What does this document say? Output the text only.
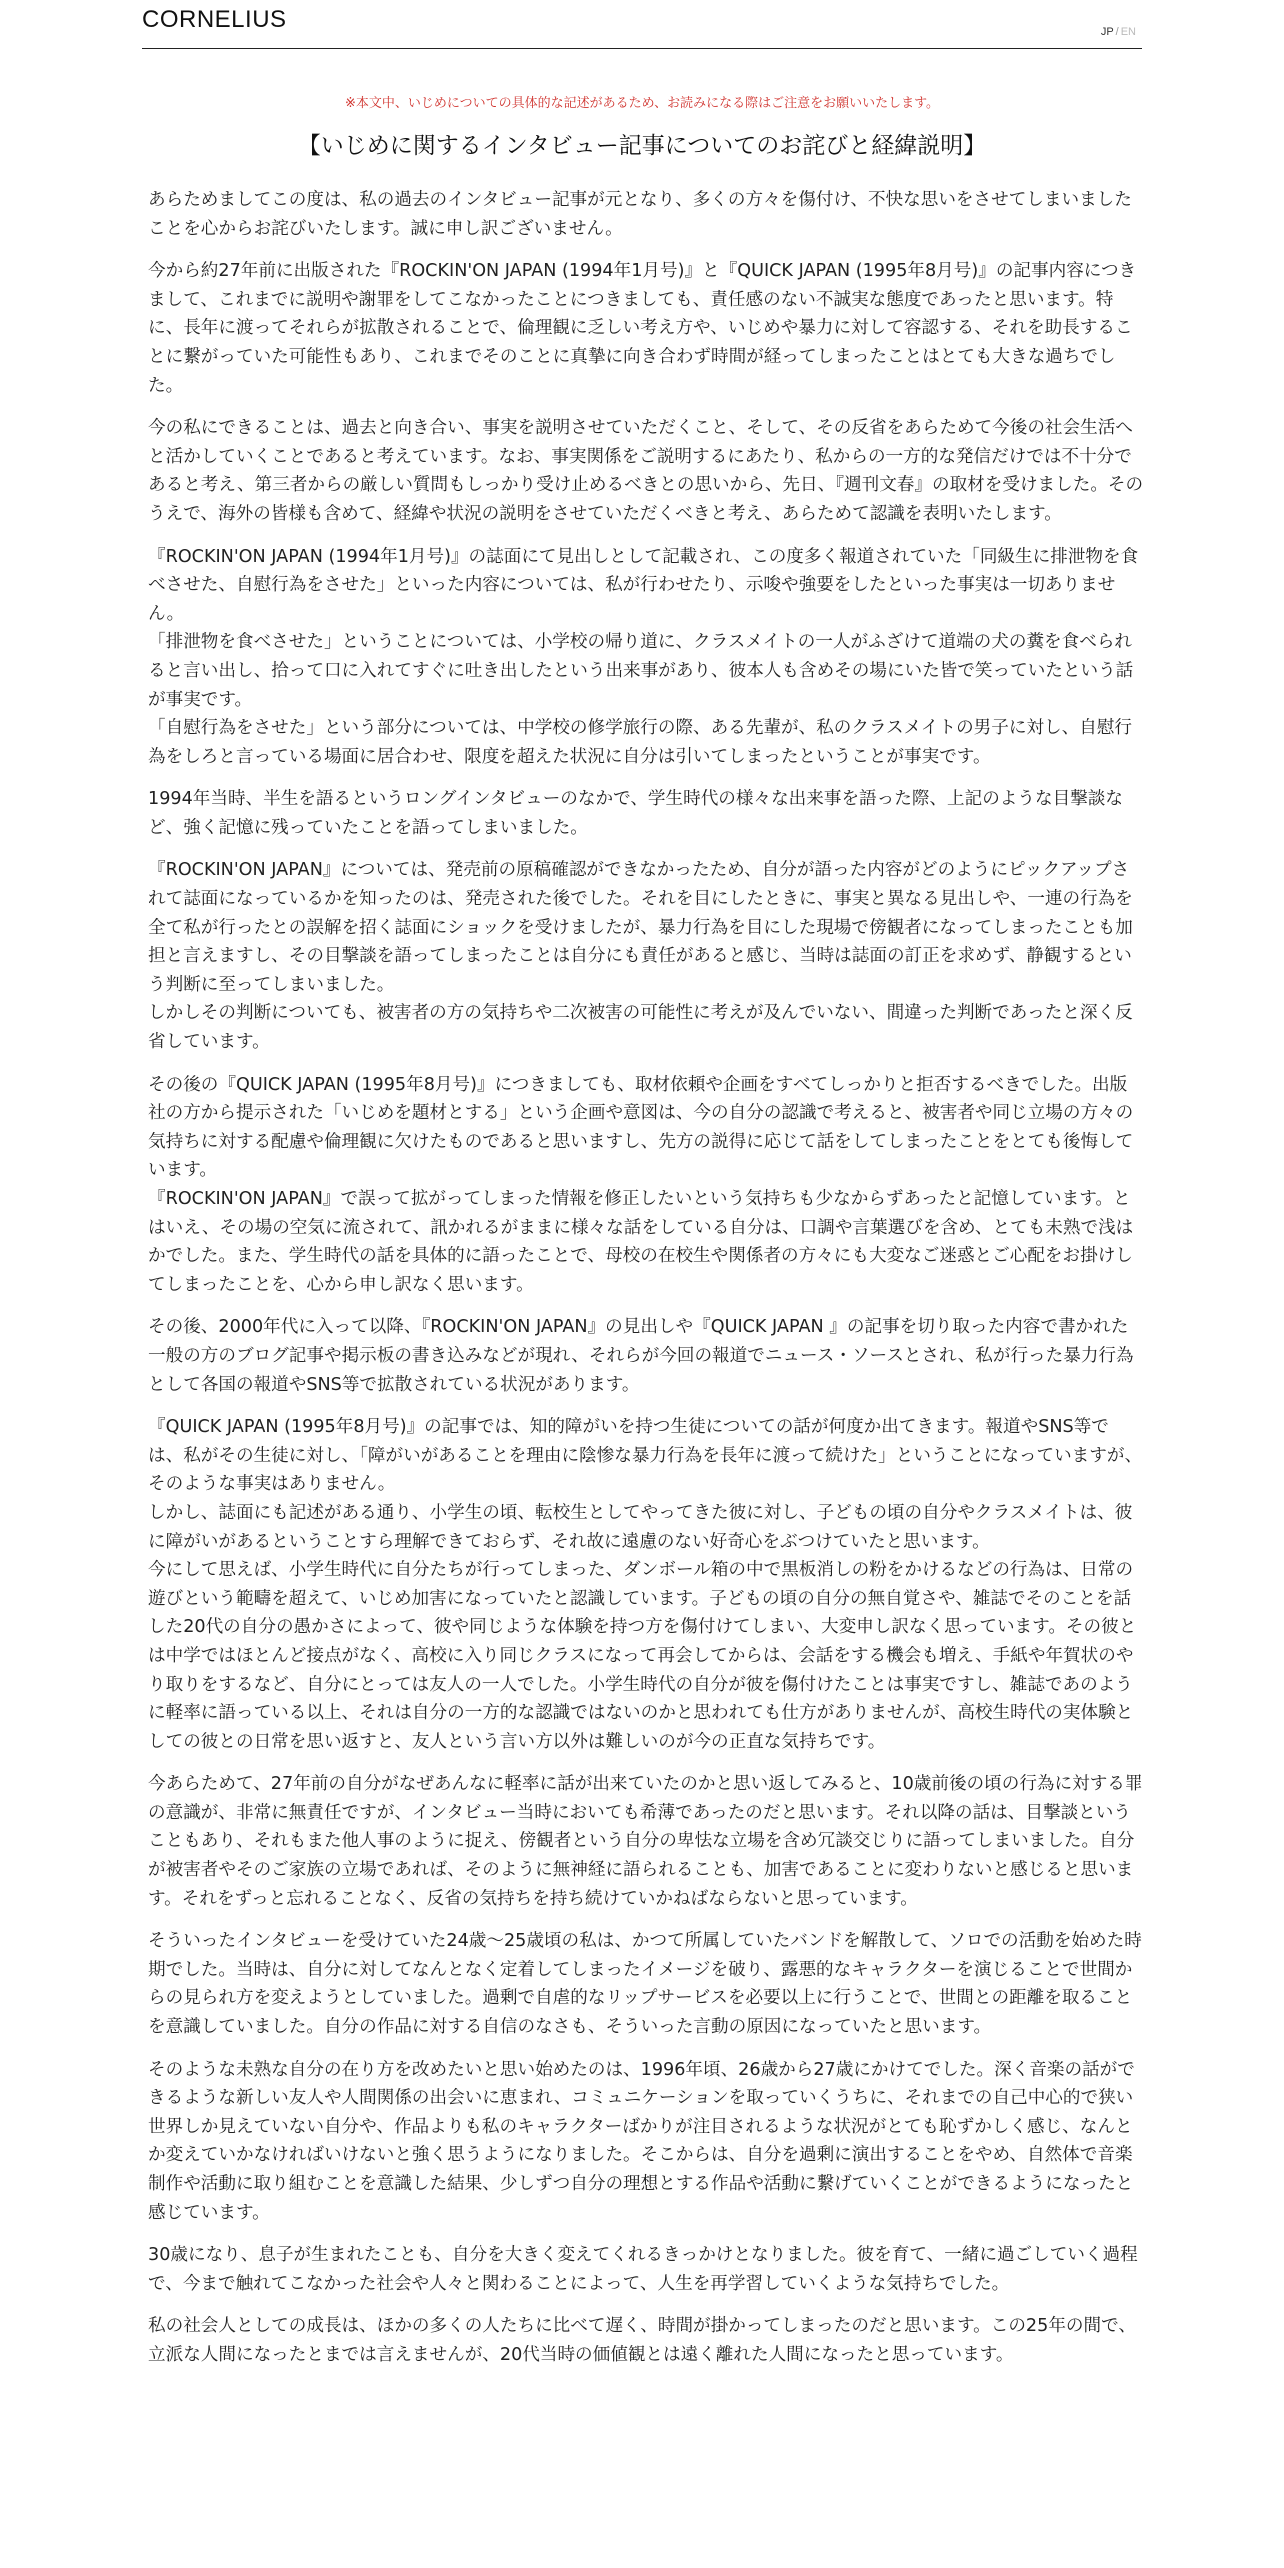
CORNELIUS	JP / EN
※本文中、いじめについての具体的な記述があるため、お読みになる際はご注意をお願いいたします。
【いじめに関するインタビュー記事についてのお詫びと経緯説明】

あらためましてこの度は、私の過去のインタビュー記事が元となり、多くの方々を傷付け、不快な思いをさせてしまいましたことを心からお詫びいたします。誠に申し訳ございません。

今から約27年前に出版された『ROCKIN'ON JAPAN (1994年1月号)』と『QUICK JAPAN (1995年8月号)』の記事内容につきまして、これまでに説明や謝罪をしてこなかったことにつきましても、責任感のない不誠実な態度であったと思います。特に、長年に渡ってそれらが拡散されることで、倫理観に乏しい考え方や、いじめや暴力に対して容認する、それを助長することに繋がっていた可能性もあり、これまでそのことに真摯に向き合わず時間が経ってしまったことはとても大きな過ちでした。

今の私にできることは、過去と向き合い、事実を説明させていただくこと、そして、その反省をあらためて今後の社会生活へと活かしていくことであると考えています。なお、事実関係をご説明するにあたり、私からの一方的な発信だけでは不十分であると考え、第三者からの厳しい質問もしっかり受け止めるべきとの思いから、先日、『週刊文春』の取材を受けました。そのうえで、海外の皆様も含めて、経緯や状況の説明をさせていただくべきと考え、あらためて認識を表明いたします。

『ROCKIN'ON JAPAN (1994年1月号)』の誌面にて見出しとして記載され、この度多く報道されていた「同級生に排泄物を食べさせた、自慰行為をさせた」といった内容については、私が行わせたり、示唆や強要をしたといった事実は一切ありません。
「排泄物を食べさせた」ということについては、小学校の帰り道に、クラスメイトの一人がふざけて道端の犬の糞を食べられると言い出し、拾って口に入れてすぐに吐き出したという出来事があり、彼本人も含めその場にいた皆で笑っていたという話が事実です。
「自慰行為をさせた」という部分については、中学校の修学旅行の際、ある先輩が、私のクラスメイトの男子に対し、自慰行為をしろと言っている場面に居合わせ、限度を超えた状況に自分は引いてしまったということが事実です。

1994年当時、半生を語るというロングインタビューのなかで、学生時代の様々な出来事を語った際、上記のような目撃談など、強く記憶に残っていたことを語ってしまいました。

『ROCKIN'ON JAPAN』については、発売前の原稿確認ができなかったため、自分が語った内容がどのようにピックアップされて誌面になっているかを知ったのは、発売された後でした。それを目にしたときに、事実と異なる見出しや、一連の行為を全て私が行ったとの誤解を招く誌面にショックを受けましたが、暴力行為を目にした現場で傍観者になってしまったことも加担と言えますし、その目撃談を語ってしまったことは自分にも責任があると感じ、当時は誌面の訂正を求めず、静観するという判断に至ってしまいました。
しかしその判断についても、被害者の方の気持ちや二次被害の可能性に考えが及んでいない、間違った判断であったと深く反省しています。

その後の『QUICK JAPAN (1995年8月号)』につきましても、取材依頼や企画をすべてしっかりと拒否するべきでした。出版社の方から提示された「いじめを題材とする」という企画や意図は、今の自分の認識で考えると、被害者や同じ立場の方々の気持ちに対する配慮や倫理観に欠けたものであると思いますし、先方の説得に応じて話をしてしまったことをとても後悔しています。
『ROCKIN'ON JAPAN』で誤って拡がってしまった情報を修正したいという気持ちも少なからずあったと記憶しています。とはいえ、その場の空気に流されて、訊かれるがままに様々な話をしている自分は、口調や言葉選びを含め、とても未熟で浅はかでした。また、学生時代の話を具体的に語ったことで、母校の在校生や関係者の方々にも大変なご迷惑とご心配をお掛けしてしまったことを、心から申し訳なく思います。

その後、2000年代に入って以降、『ROCKIN'ON JAPAN』の見出しや『QUICK JAPAN 』の記事を切り取った内容で書かれた一般の方のブログ記事や掲示板の書き込みなどが現れ、それらが今回の報道でニュース・ソースとされ、私が行った暴力行為として各国の報道やSNS等で拡散されている状況があります。

『QUICK JAPAN (1995年8月号)』の記事では、知的障がいを持つ生徒についての話が何度か出てきます。報道やSNS等では、私がその生徒に対し、「障がいがあることを理由に陰惨な暴力行為を長年に渡って続けた」ということになっていますが、そのような事実はありません。
しかし、誌面にも記述がある通り、小学生の頃、転校生としてやってきた彼に対し、子どもの頃の自分やクラスメイトは、彼に障がいがあるということすら理解できておらず、それ故に遠慮のない好奇心をぶつけていたと思います。
今にして思えば、小学生時代に自分たちが行ってしまった、ダンボール箱の中で黒板消しの粉をかけるなどの行為は、日常の遊びという範疇を超えて、いじめ加害になっていたと認識しています。子どもの頃の自分の無自覚さや、雑誌でそのことを話した20代の自分の愚かさによって、彼や同じような体験を持つ方を傷付けてしまい、大変申し訳なく思っています。その彼とは中学ではほとんど接点がなく、高校に入り同じクラスになって再会してからは、会話をする機会も増え、手紙や年賀状のやり取りをするなど、自分にとっては友人の一人でした。小学生時代の自分が彼を傷付けたことは事実ですし、雑誌であのように軽率に語っている以上、それは自分の一方的な認識ではないのかと思われても仕方がありませんが、高校生時代の実体験としての彼との日常を思い返すと、友人という言い方以外は難しいのが今の正直な気持ちです。

今あらためて、27年前の自分がなぜあんなに軽率に話が出来ていたのかと思い返してみると、10歳前後の頃の行為に対する罪の意識が、非常に無責任ですが、インタビュー当時においても希薄であったのだと思います。それ以降の話は、目撃談ということもあり、それもまた他人事のように捉え、傍観者という自分の卑怯な立場を含め冗談交じりに語ってしまいました。自分が被害者やそのご家族の立場であれば、そのように無神経に語られることも、加害であることに変わりないと感じると思います。それをずっと忘れることなく、反省の気持ちを持ち続けていかねばならないと思っています。

そういったインタビューを受けていた24歳～25歳頃の私は、かつて所属していたバンドを解散して、ソロでの活動を始めた時期でした。当時は、自分に対してなんとなく定着してしまったイメージを破り、露悪的なキャラクターを演じることで世間からの見られ方を変えようとしていました。過剰で自虐的なリップサービスを必要以上に行うことで、世間との距離を取ることを意識していました。自分の作品に対する自信のなさも、そういった言動の原因になっていたと思います。

そのような未熟な自分の在り方を改めたいと思い始めたのは、1996年頃、26歳から27歳にかけてでした。深く音楽の話ができるような新しい友人や人間関係の出会いに恵まれ、コミュニケーションを取っていくうちに、それまでの自己中心的で狭い世界しか見えていない自分や、作品よりも私のキャラクターばかりが注目されるような状況がとても恥ずかしく感じ、なんとか変えていかなければいけないと強く思うようになりました。そこからは、自分を過剰に演出することをやめ、自然体で音楽制作や活動に取り組むことを意識した結果、少しずつ自分の理想とする作品や活動に繋げていくことができるようになったと感じています。

30歳になり、息子が生まれたことも、自分を大きく変えてくれるきっかけとなりました。彼を育て、一緒に過ごしていく過程で、今まで触れてこなかった社会や人々と関わることによって、人生を再学習していくような気持ちでした。

私の社会人としての成長は、ほかの多くの人たちに比べて遅く、時間が掛かってしまったのだと思います。この25年の間で、立派な人間になったとまでは言えませんが、20代当時の価値観とは遠く離れた人間になったと思っています。
